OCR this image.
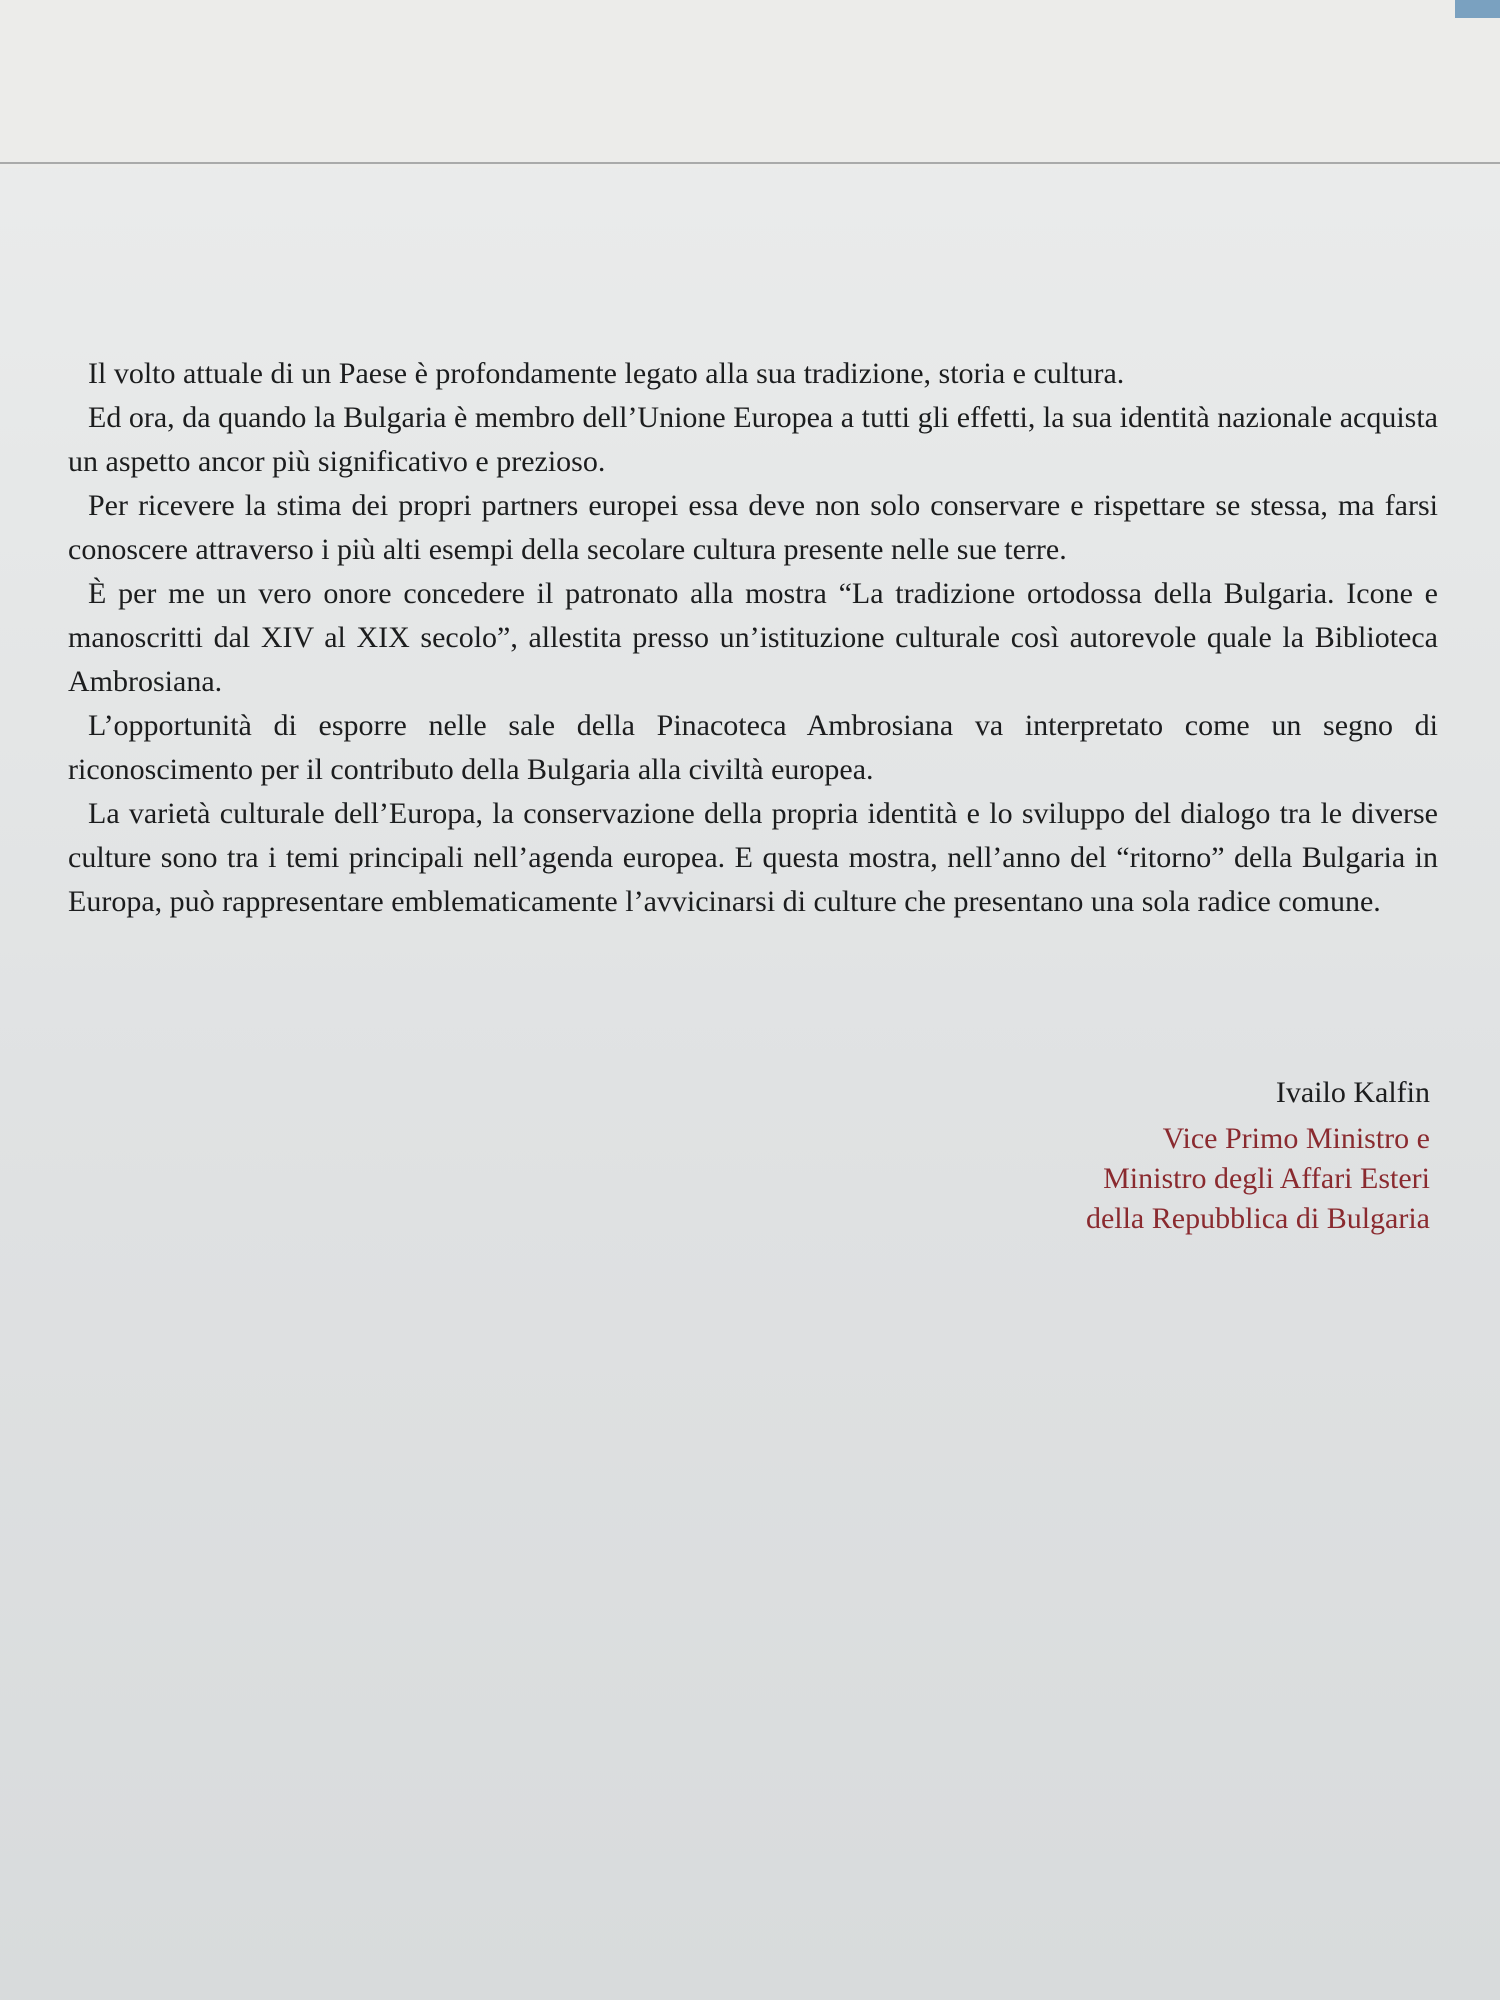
Il volto attuale di un Paese è profondamente legato alla sua tradizione, storia e cultura.

Ed ora, da quando la Bulgaria è membro dell’Unione Europea a tutti gli effetti, la sua identità nazionale acquista un aspetto ancor più significativo e prezioso.

Per ricevere la stima dei propri partners europei essa deve non solo conservare e rispettare se stessa, ma farsi conoscere attraverso i più alti esempi della secolare cultura presente nelle sue terre.

È per me un vero onore concedere il patronato alla mostra “La tradizione ortodossa della Bulgaria. Icone e manoscritti dal XIV al XIX secolo”, allestita presso un’istituzione culturale così autorevole quale la Biblioteca Ambrosiana.

L’opportunità di esporre nelle sale della Pinacoteca Ambrosiana va interpretato come un segno di riconoscimento per il contributo della Bulgaria alla civiltà europea.

La varietà culturale dell’Europa, la conservazione della propria identità e lo sviluppo del dialogo tra le diverse culture sono tra i temi principali nell’agenda europea. E questa mostra, nell’anno del “ritorno” della Bulgaria in Europa, può rappresentare emblematicamente l’avvicinarsi di culture che presentano una sola radice comune.

Ivailo Kalfin
Vice Primo Ministro e
Ministro degli Affari Esteri
della Repubblica di Bulgaria
